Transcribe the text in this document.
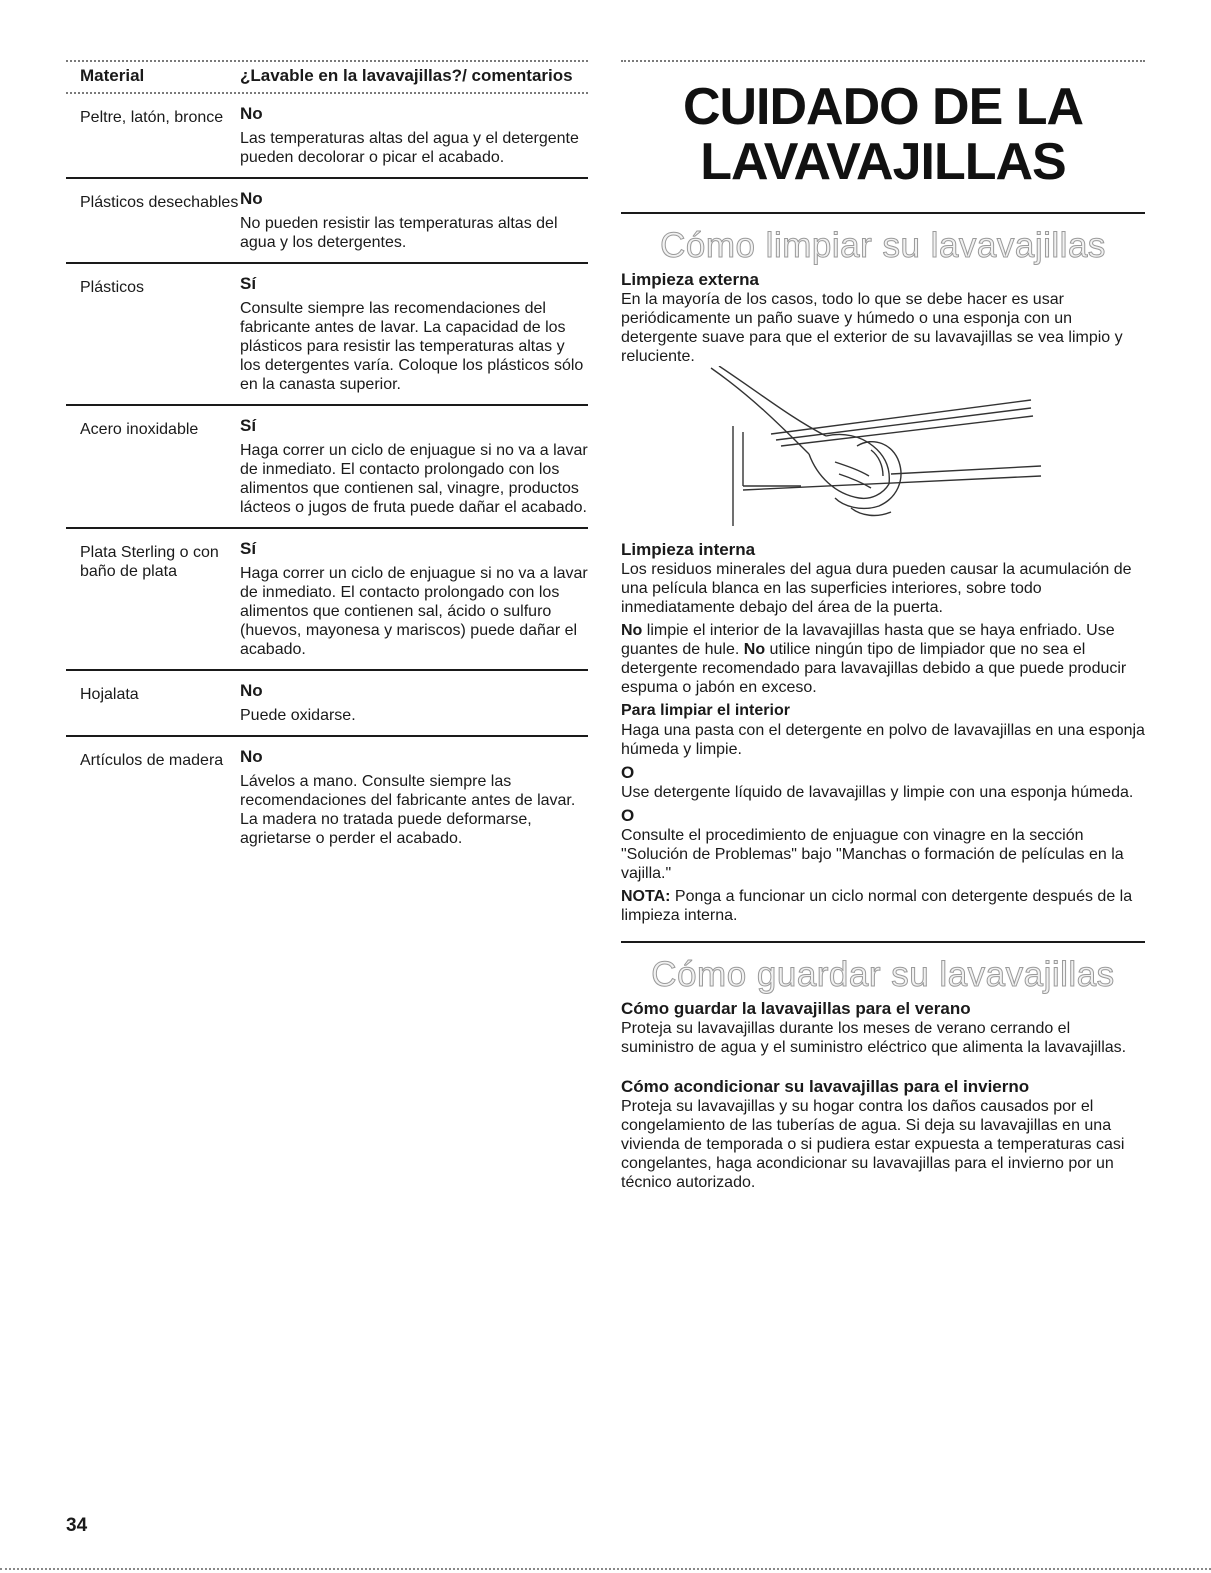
Material	¿Lavable en la lavavajillas?/ comentarios
Peltre, latón, bronce No
Las temperaturas altas del agua y el detergente pueden decolorar o picar el acabado.
Plásticos desechables No
No pueden resistir las temperaturas altas del agua y los detergentes.
Plásticos	Sí
Consulte siempre las recomendaciones del fabricante antes de lavar. La capacidad de los plásticos para resistir las temperaturas altas y los detergentes varía. Coloque los plásticos sólo en la canasta superior.
Acero inoxidable	Sí
Haga correr un ciclo de enjuague si no va a lavar de inmediato. El contacto prolongado con los alimentos que contienen sal, vinagre, productos lácteos o jugos de fruta puede dañar el acabado.
Plata Sterling o con baño de plata
Sí
Haga correr un ciclo de enjuague si no va a lavar de inmediato. El contacto prolongado con los alimentos que contienen sal, ácido o sulfuro (huevos, mayonesa y mariscos) puede dañar el acabado.
Hojalata	No
Puede oxidarse.
Artículos de madera No
Lávelos a mano. Consulte siempre las recomendaciones del fabricante antes de lavar. La madera no tratada puede deformarse, agrietarse o perder el acabado.
CUIDADO DE LA
LAVAVAJILLAS
Cómo limpiar su lavavajillas
Limpieza externa
En la mayoría de los casos, todo lo que se debe hacer es usar periódicamente un paño suave y húmedo o una esponja con un detergente suave para que el exterior de su lavavajillas se vea limpio y reluciente.
Limpieza interna
Los residuos minerales del agua dura pueden causar la acumulación de una película blanca en las superficies interiores, sobre todo inmediatamente debajo del área de la puerta.
No limpie el interior de la lavavajillas hasta que se haya enfriado. Use guantes de hule. No utilice ningún tipo de limpiador que no sea el detergente recomendado para lavavajillas debido a que puede producir espuma o jabón en exceso.
Para limpiar el interior
Haga una pasta con el detergente en polvo de lavavajillas en una esponja húmeda y limpie.
O
Use detergente líquido de lavavajillas y limpie con una esponja húmeda.
O
Consulte el procedimiento de enjuague con vinagre en la sección "Solución de Problemas" bajo "Manchas o formación de películas en la vajilla."
NOTA: Ponga a funcionar un ciclo normal con detergente después de la limpieza interna.
Cómo guardar su lavavajillas
Cómo guardar la lavavajillas para el verano
Proteja su lavavajillas durante los meses de verano cerrando el suministro de agua y el suministro eléctrico que alimenta la lavavajillas.
Cómo acondicionar su lavavajillas para el invierno
Proteja su lavavajillas y su hogar contra los daños causados por el congelamiento de las tuberías de agua. Si deja su lavavajillas en una vivienda de temporada o si pudiera estar expuesta a temperaturas casi congelantes, haga acondicionar su lavavajillas para el invierno por un técnico autorizado.
34
